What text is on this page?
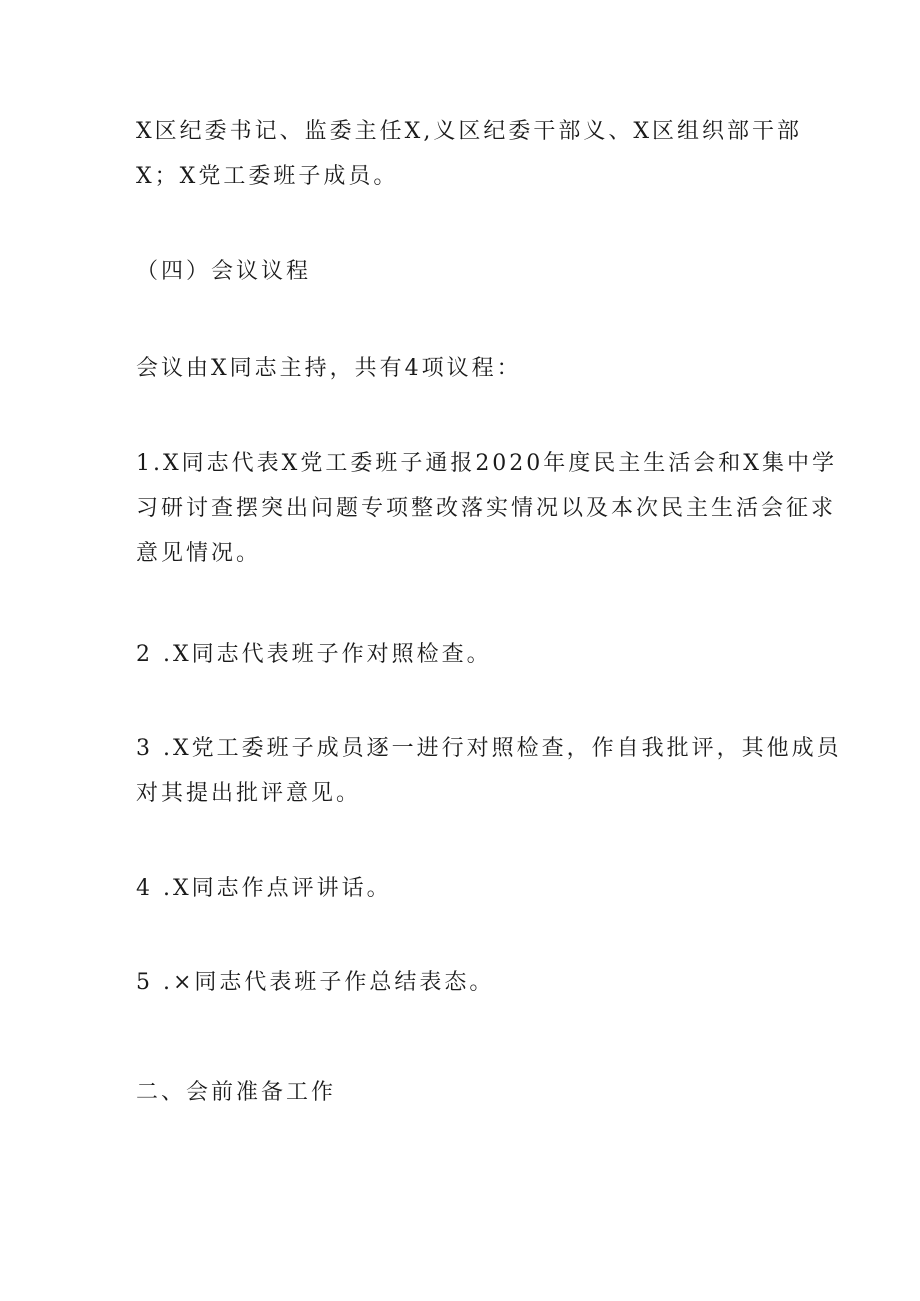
X区纪委书记、监委主任X,义区纪委干部义、X区组织部干部
X；X党工委班子成员。

（四）会议议程

会议由X同志主持，共有4项议程：

1.X同志代表X党工委班子通报2020年度民主生活会和X集中学
习研讨查摆突出问题专项整改落实情况以及本次民主生活会征求
意见情况。

2 .X同志代表班子作对照检查。

3 .X党工委班子成员逐一进行对照检查，作自我批评，其他成员
对其提出批评意见。

4 .X同志作点评讲话。

5 .×同志代表班子作总结表态。

二、会前准备工作
